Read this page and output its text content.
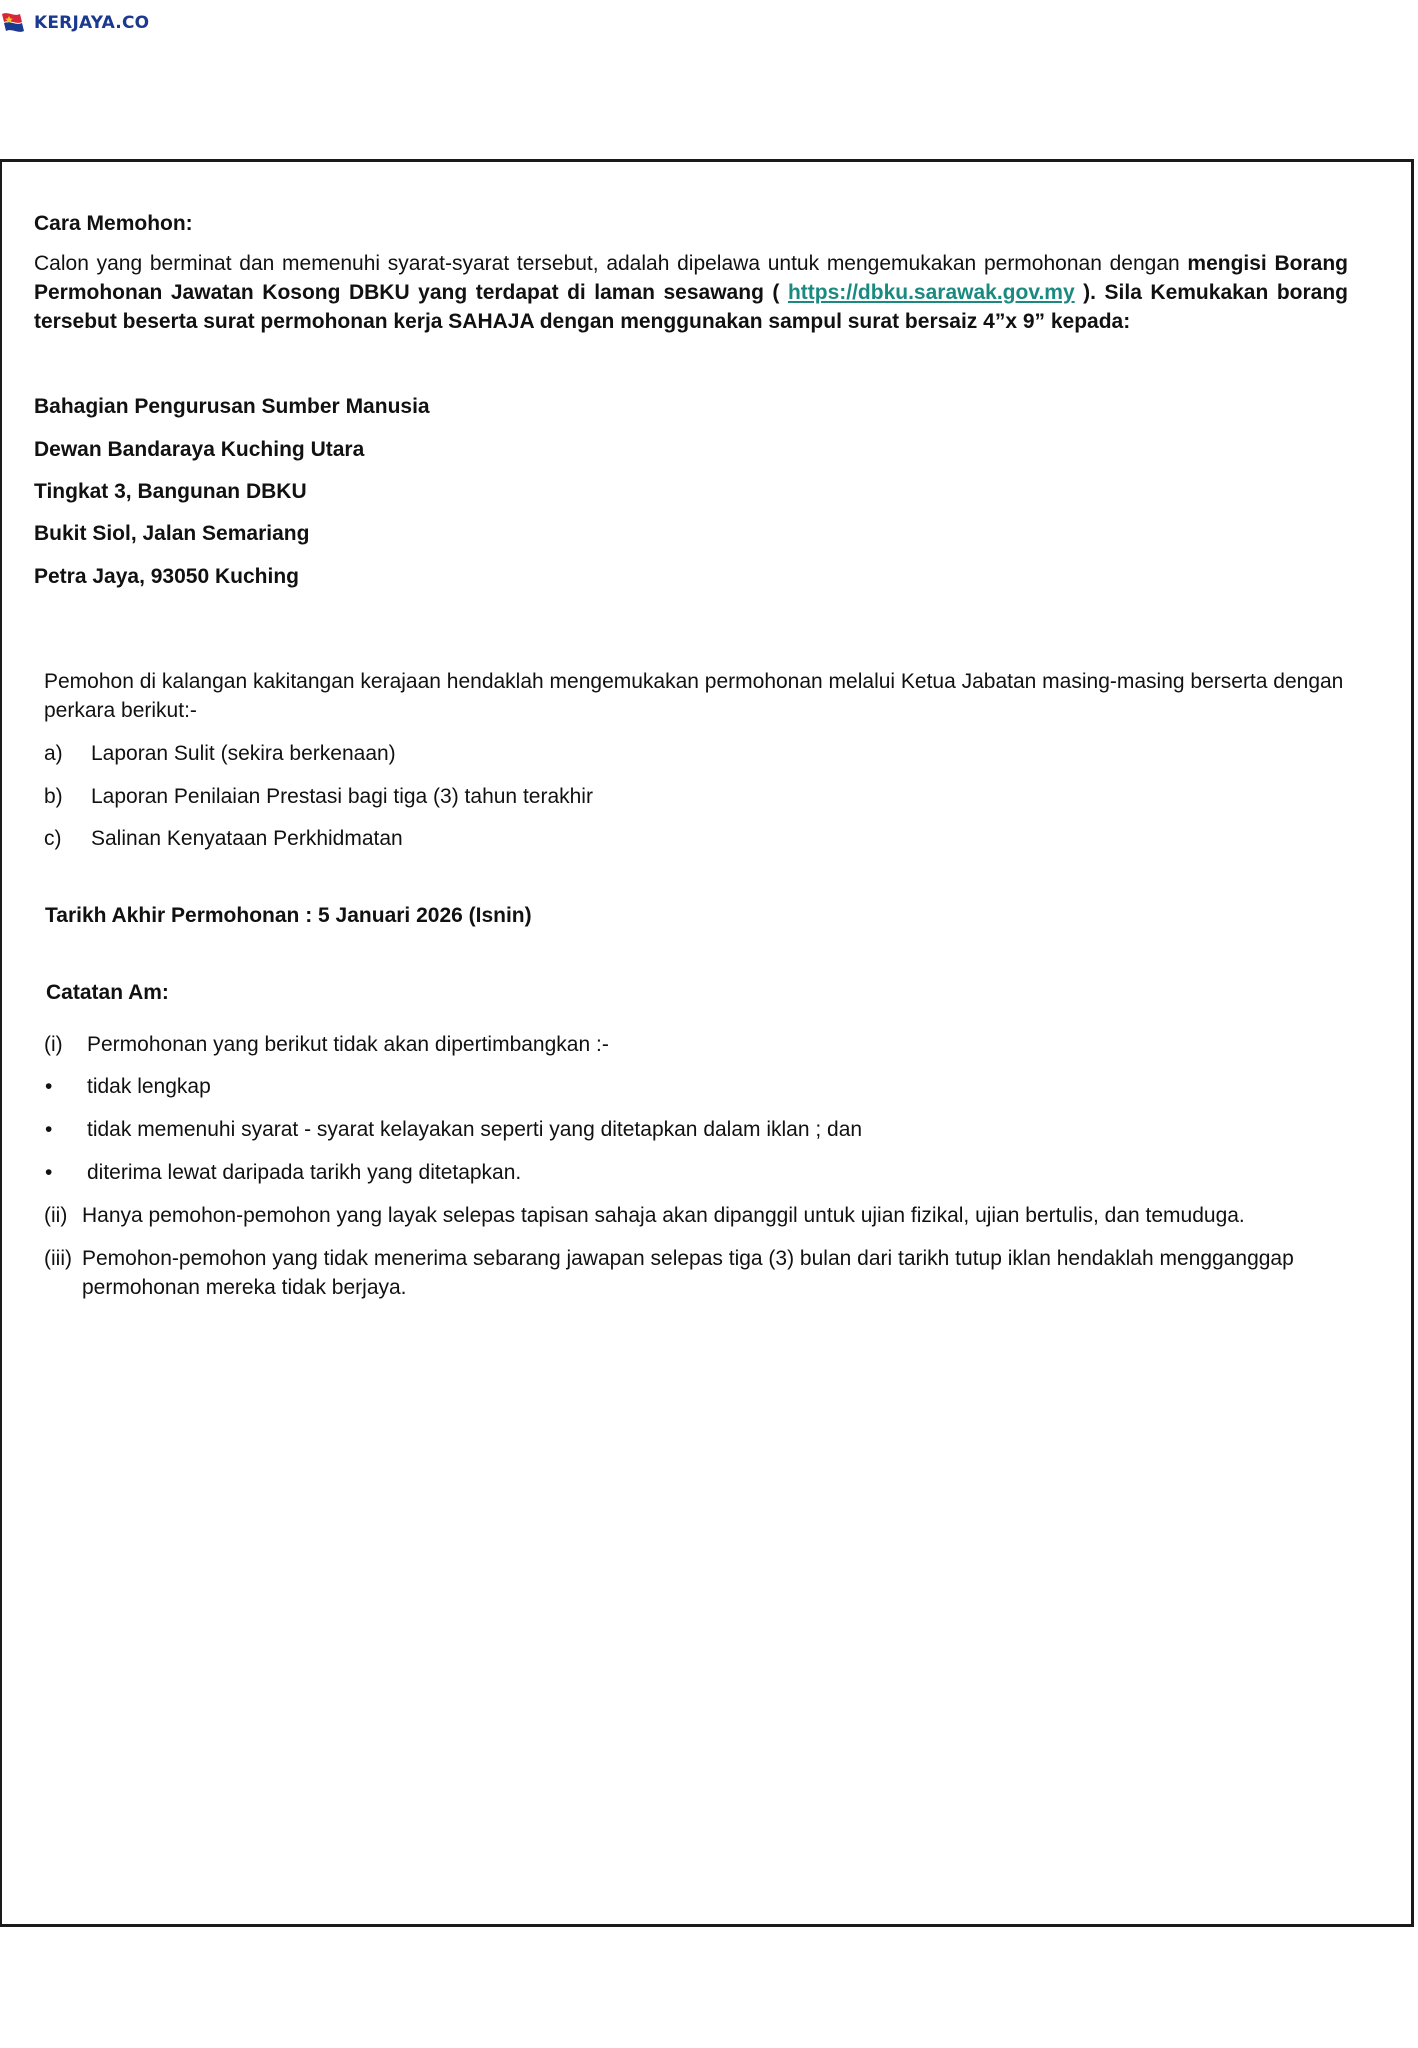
KERJAYA.CO
Cara Memohon:
Calon yang berminat dan memenuhi syarat-syarat tersebut, adalah dipelawa untuk mengemukakan permohonan dengan mengisi Borang Permohonan Jawatan Kosong DBKU yang terdapat di laman sesawang ( https://dbku.sarawak.gov.my ). Sila Kemukakan borang tersebut beserta surat permohonan kerja SAHAJA dengan menggunakan sampul surat bersaiz 4”x 9” kepada:
Bahagian Pengurusan Sumber Manusia
Dewan Bandaraya Kuching Utara
Tingkat 3, Bangunan DBKU
Bukit Siol, Jalan Semariang
Petra Jaya, 93050 Kuching
Pemohon di kalangan kakitangan kerajaan hendaklah mengemukakan permohonan melalui Ketua Jabatan masing-masing berserta dengan perkara berikut:-
a) Laporan Sulit (sekira berkenaan)
b) Laporan Penilaian Prestasi bagi tiga (3) tahun terakhir
c) Salinan Kenyataan Perkhidmatan
Tarikh Akhir Permohonan : 5 Januari 2026 (Isnin)
Catatan Am:
(i) Permohonan yang berikut tidak akan dipertimbangkan :-
• tidak lengkap
• tidak memenuhi syarat - syarat kelayakan seperti yang ditetapkan dalam iklan ; dan
• diterima lewat daripada tarikh yang ditetapkan.
(ii) Hanya pemohon-pemohon yang layak selepas tapisan sahaja akan dipanggil untuk ujian fizikal, ujian bertulis, dan temuduga.
(iii) Pemohon-pemohon yang tidak menerima sebarang jawapan selepas tiga (3) bulan dari tarikh tutup iklan hendaklah mengganggap permohonan mereka tidak berjaya.
